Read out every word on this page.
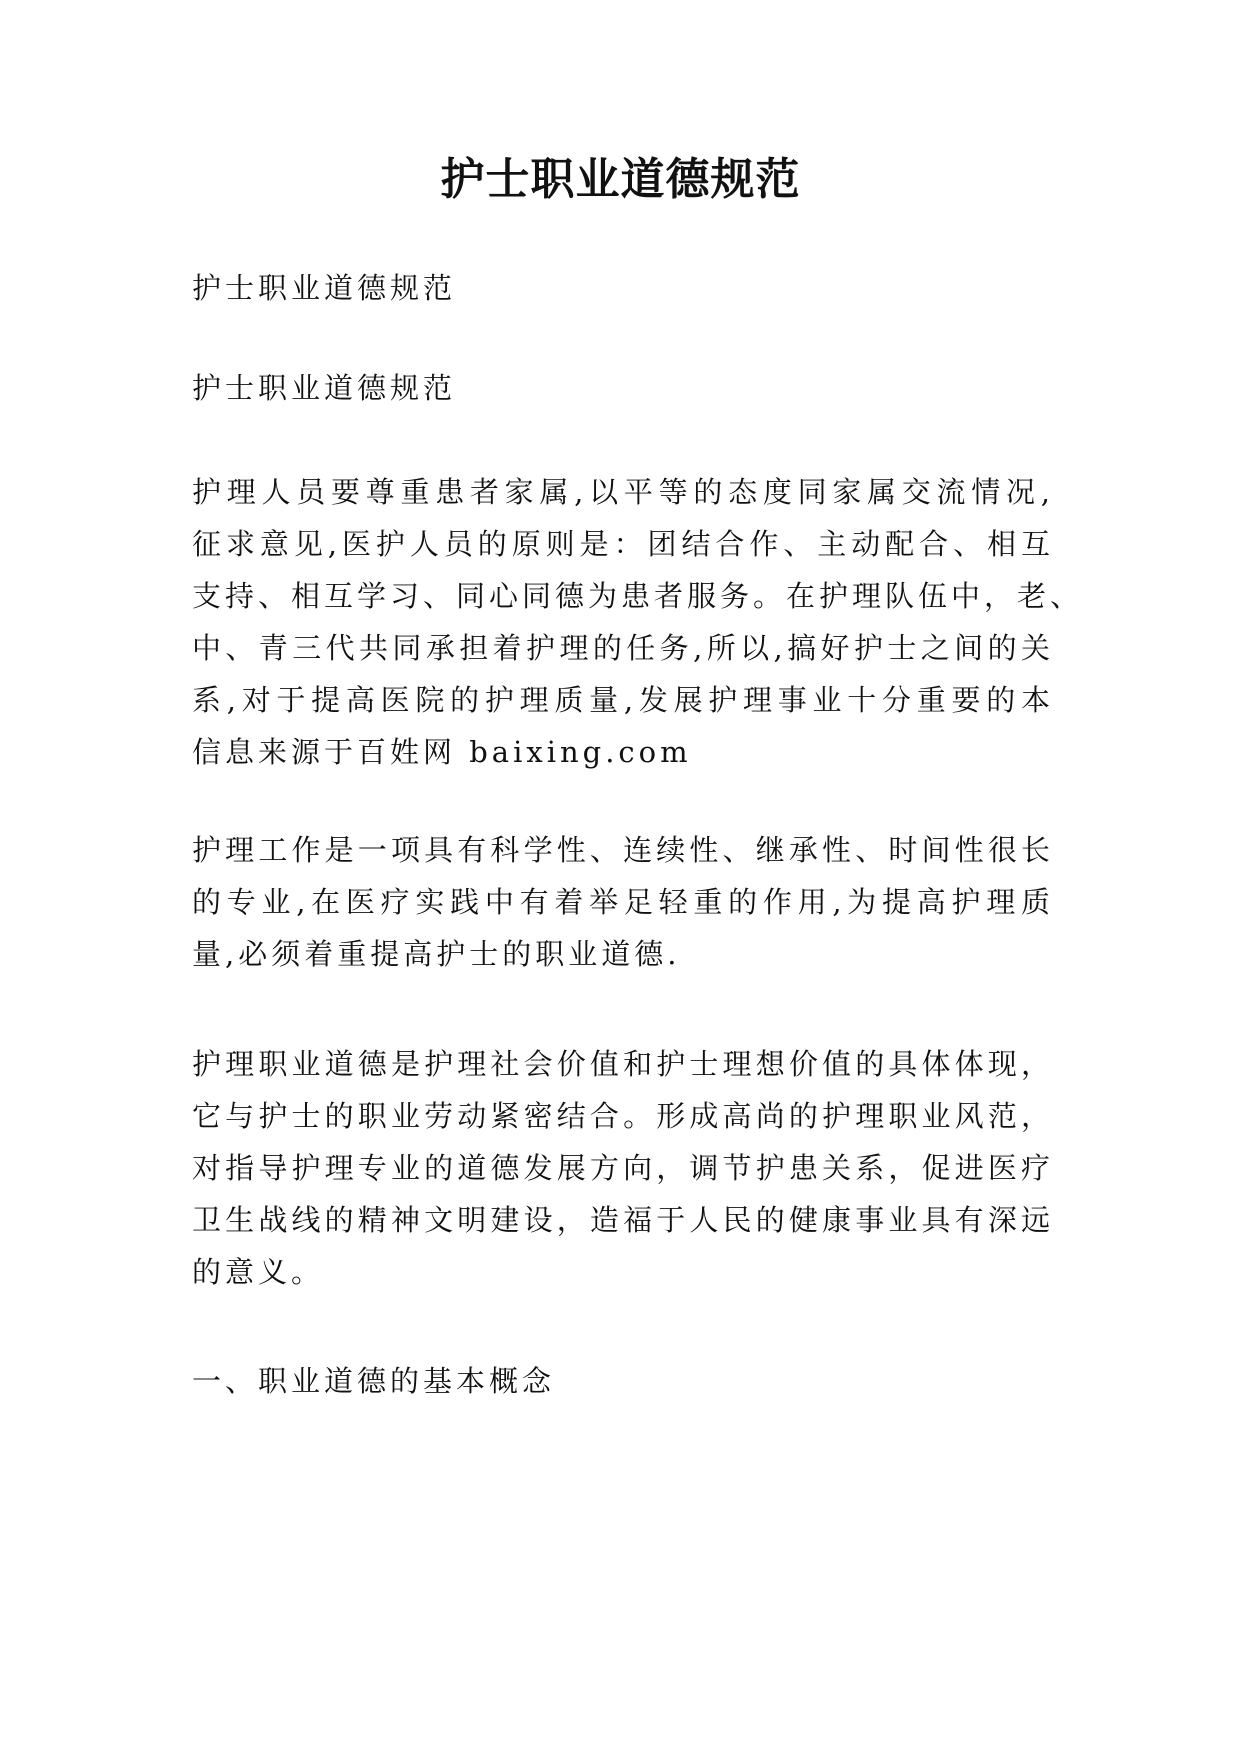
护士职业道德规范

护士职业道德规范

护士职业道德规范

护理人员要尊重患者家属,以平等的态度同家属交流情况,
征求意见,医护人员的原则是：团结合作、主动配合、相互
支持、相互学习、同心同德为患者服务。在护理队伍中，老、
中、青三代共同承担着护理的任务,所以,搞好护士之间的关
系,对于提高医院的护理质量,发展护理事业十分重要的本
信息来源于百姓网 baixing.com

护理工作是一项具有科学性、连续性、继承性、时间性很长
的专业,在医疗实践中有着举足轻重的作用,为提高护理质
量,必须着重提高护士的职业道德.

护理职业道德是护理社会价值和护士理想价值的具体体现，
它与护士的职业劳动紧密结合。形成高尚的护理职业风范，
对指导护理专业的道德发展方向，调节护患关系，促进医疗
卫生战线的精神文明建设，造福于人民的健康事业具有深远
的意义。

一、职业道德的基本概念
